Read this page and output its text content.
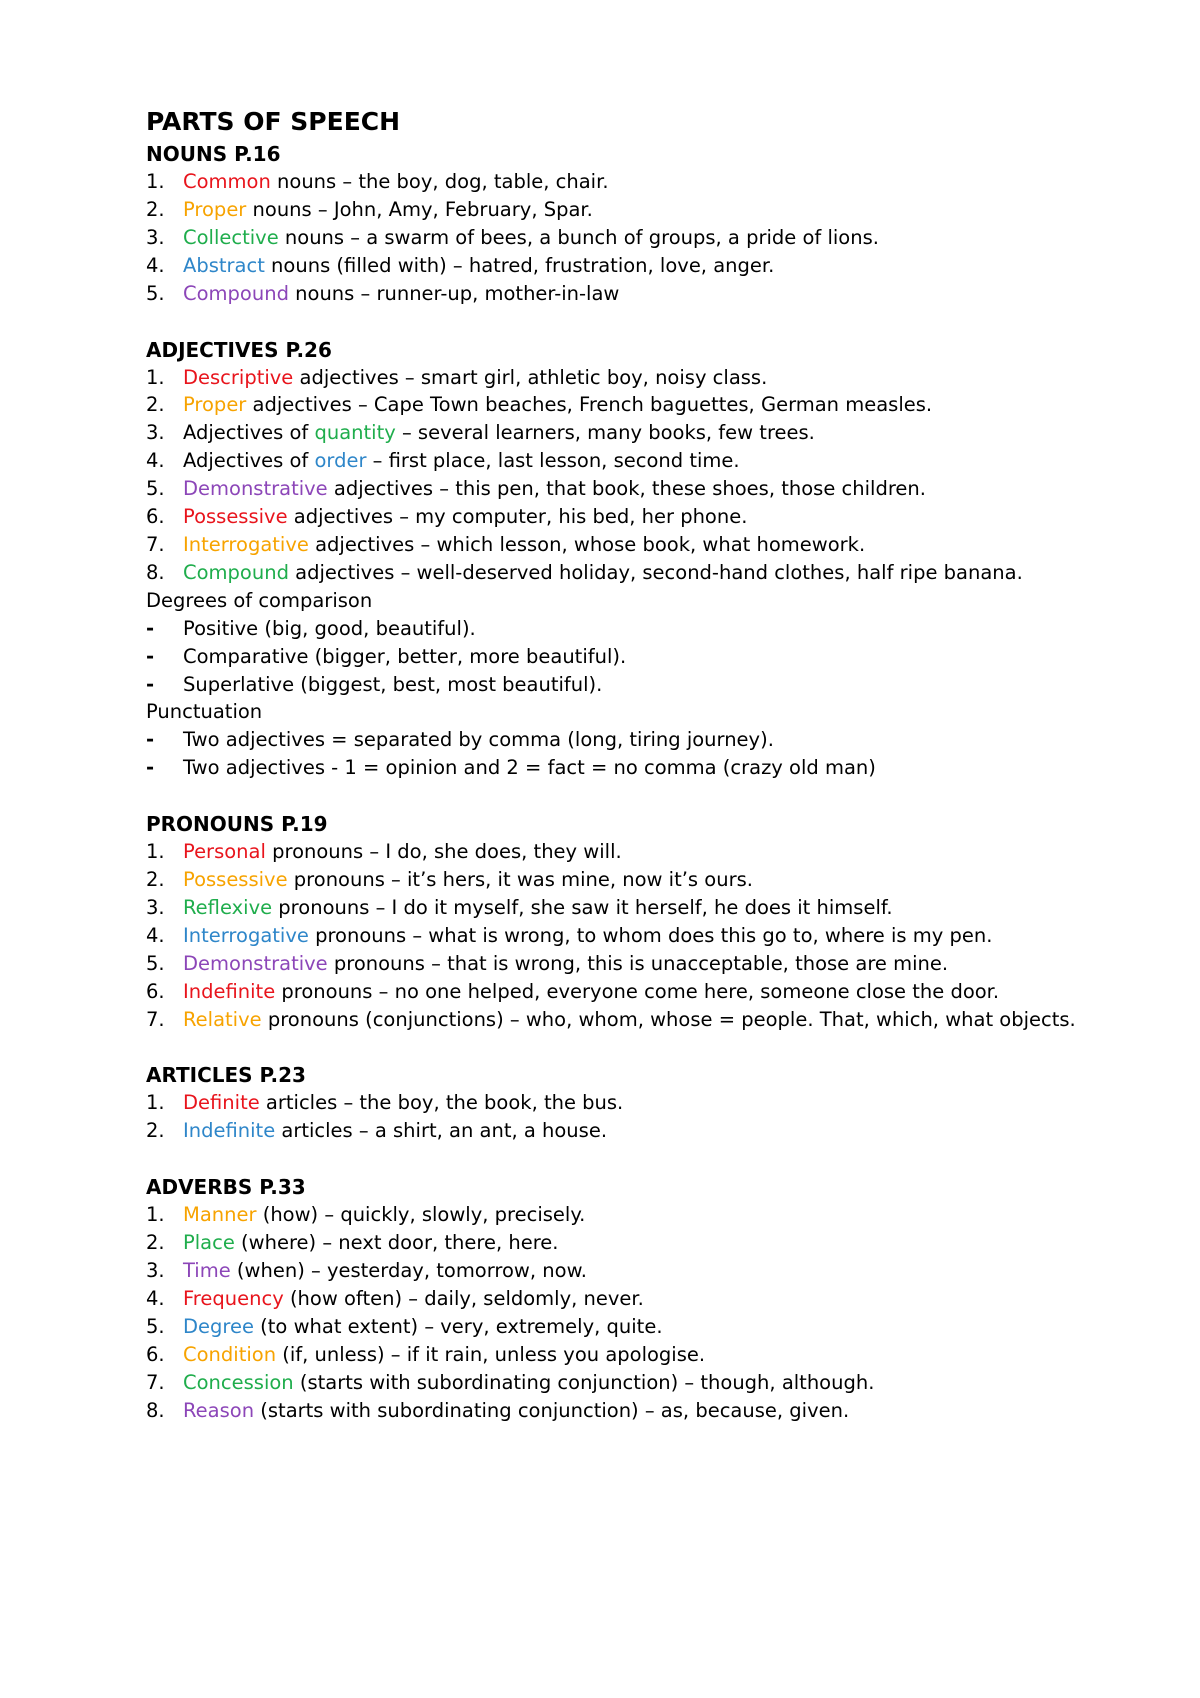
PARTS OF SPEECH
NOUNS P.16
1. Common nouns – the boy, dog, table, chair.
2. Proper nouns – John, Amy, February, Spar.
3. Collective nouns – a swarm of bees, a bunch of groups, a pride of lions.
4. Abstract nouns (filled with) – hatred, frustration, love, anger.
5. Compound nouns – runner-up, mother-in-law
ADJECTIVES P.26
1. Descriptive adjectives – smart girl, athletic boy, noisy class.
2. Proper adjectives – Cape Town beaches, French baguettes, German measles.
3. Adjectives of quantity – several learners, many books, few trees.
4. Adjectives of order – first place, last lesson, second time.
5. Demonstrative adjectives – this pen, that book, these shoes, those children.
6. Possessive adjectives – my computer, his bed, her phone.
7. Interrogative adjectives – which lesson, whose book, what homework.
8. Compound adjectives – well-deserved holiday, second-hand clothes, half ripe banana.
Degrees of comparison
-	Positive (big, good, beautiful).
-	Comparative (bigger, better, more beautiful).
-	Superlative (biggest, best, most beautiful).
Punctuation
-	Two adjectives = separated by comma (long, tiring journey).
-	Two adjectives - 1 = opinion and 2 = fact = no comma (crazy old man)
PRONOUNS P.19
1. Personal pronouns – I do, she does, they will.
2. Possessive pronouns – it’s hers, it was mine, now it’s ours.
3. Reflexive pronouns – I do it myself, she saw it herself, he does it himself.
4. Interrogative pronouns – what is wrong, to whom does this go to, where is my pen.
5. Demonstrative pronouns – that is wrong, this is unacceptable, those are mine.
6. Indefinite pronouns – no one helped, everyone come here, someone close the door.
7. Relative pronouns (conjunctions) – who, whom, whose = people. That, which, what objects.
ARTICLES P.23
1. Definite articles – the boy, the book, the bus.
2. Indefinite articles – a shirt, an ant, a house.
ADVERBS P.33
1. Manner (how) – quickly, slowly, precisely.
2. Place (where) – next door, there, here.
3. Time (when) – yesterday, tomorrow, now.
4. Frequency (how often) – daily, seldomly, never.
5. Degree (to what extent) – very, extremely, quite.
6. Condition (if, unless) – if it rain, unless you apologise.
7. Concession (starts with subordinating conjunction) – though, although.
8. Reason (starts with subordinating conjunction) – as, because, given.
